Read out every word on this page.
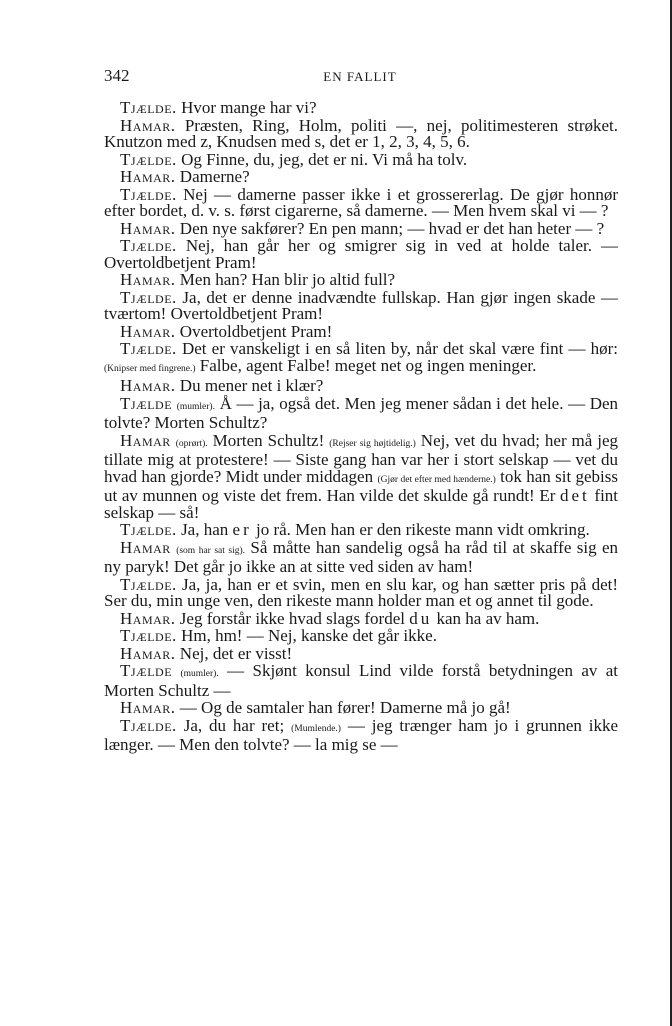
342	EN FALLIT

Tjælde. Hvor mange har vi?

Hamar. Præsten, Ring, Holm, politi —, nej, politimesteren strøket. Knutzon med z, Knudsen med s, det er 1, 2, 3, 4, 5, 6.

Tjælde. Og Finne, du, jeg, det er ni. Vi må ha tolv.

Hamar. Damerne?

Tjælde. Nej — damerne passer ikke i et grossererlag. De gjør honnør efter bordet, d. v. s. først cigarerne, så damerne. — Men hvem skal vi — ?

Hamar. Den nye sakfører? En pen mann; — hvad er det han heter — ?

Tjælde. Nej, han går her og smigrer sig in ved at holde taler. — Overtoldbetjent Pram!

Hamar. Men han? Han blir jo altid full?

Tjælde. Ja, det er denne inadvændte fullskap. Han gjør ingen skade — tværtom! Overtoldbetjent Pram!

Hamar. Overtoldbetjent Pram!

Tjælde. Det er vanskeligt i en så liten by, når det skal være fint — hør: (Knipser med fingrene.) Falbe, agent Falbe! meget net og ingen meninger.

Hamar. Du mener net i klær?

Tjælde (mumler). Å — ja, også det. Men jeg mener sådan i det hele. — Den tolvte? Morten Schultz?

Hamar (oprørt). Morten Schultz! (Rejser sig højtidelig.) Nej, vet du hvad; her må jeg tillate mig at protestere! — Siste gang han var her i stort selskap — vet du hvad han gjorde? Midt under middagen (Gjør det efter med hænderne.) tok han sit gebiss ut av munnen og viste det frem. Han vilde det skulde gå rundt! Er det fint selskap — så!

Tjælde. Ja, han er jo rå. Men han er den rikeste mann vidt omkring.

Hamar (som har sat sig). Så måtte han sandelig også ha råd til at skaffe sig en ny paryk! Det går jo ikke an at sitte ved siden av ham!

Tjælde. Ja, ja, han er et svin, men en slu kar, og han sætter pris på det! Ser du, min unge ven, den rikeste mann holder man et og annet til gode.

Hamar. Jeg forstår ikke hvad slags fordel du kan ha av ham.

Tjælde. Hm, hm! — Nej, kanske det går ikke.

Hamar. Nej, det er visst!

Tjælde (mumler). — Skjønt konsul Lind vilde forstå betydningen av at Morten Schultz —

Hamar. — Og de samtaler han fører! Damerne må jo gå!

Tjælde. Ja, du har ret; (Mumlende.) — jeg trænger ham jo i grunnen ikke længer. — Men den tolvte? — la mig se —
